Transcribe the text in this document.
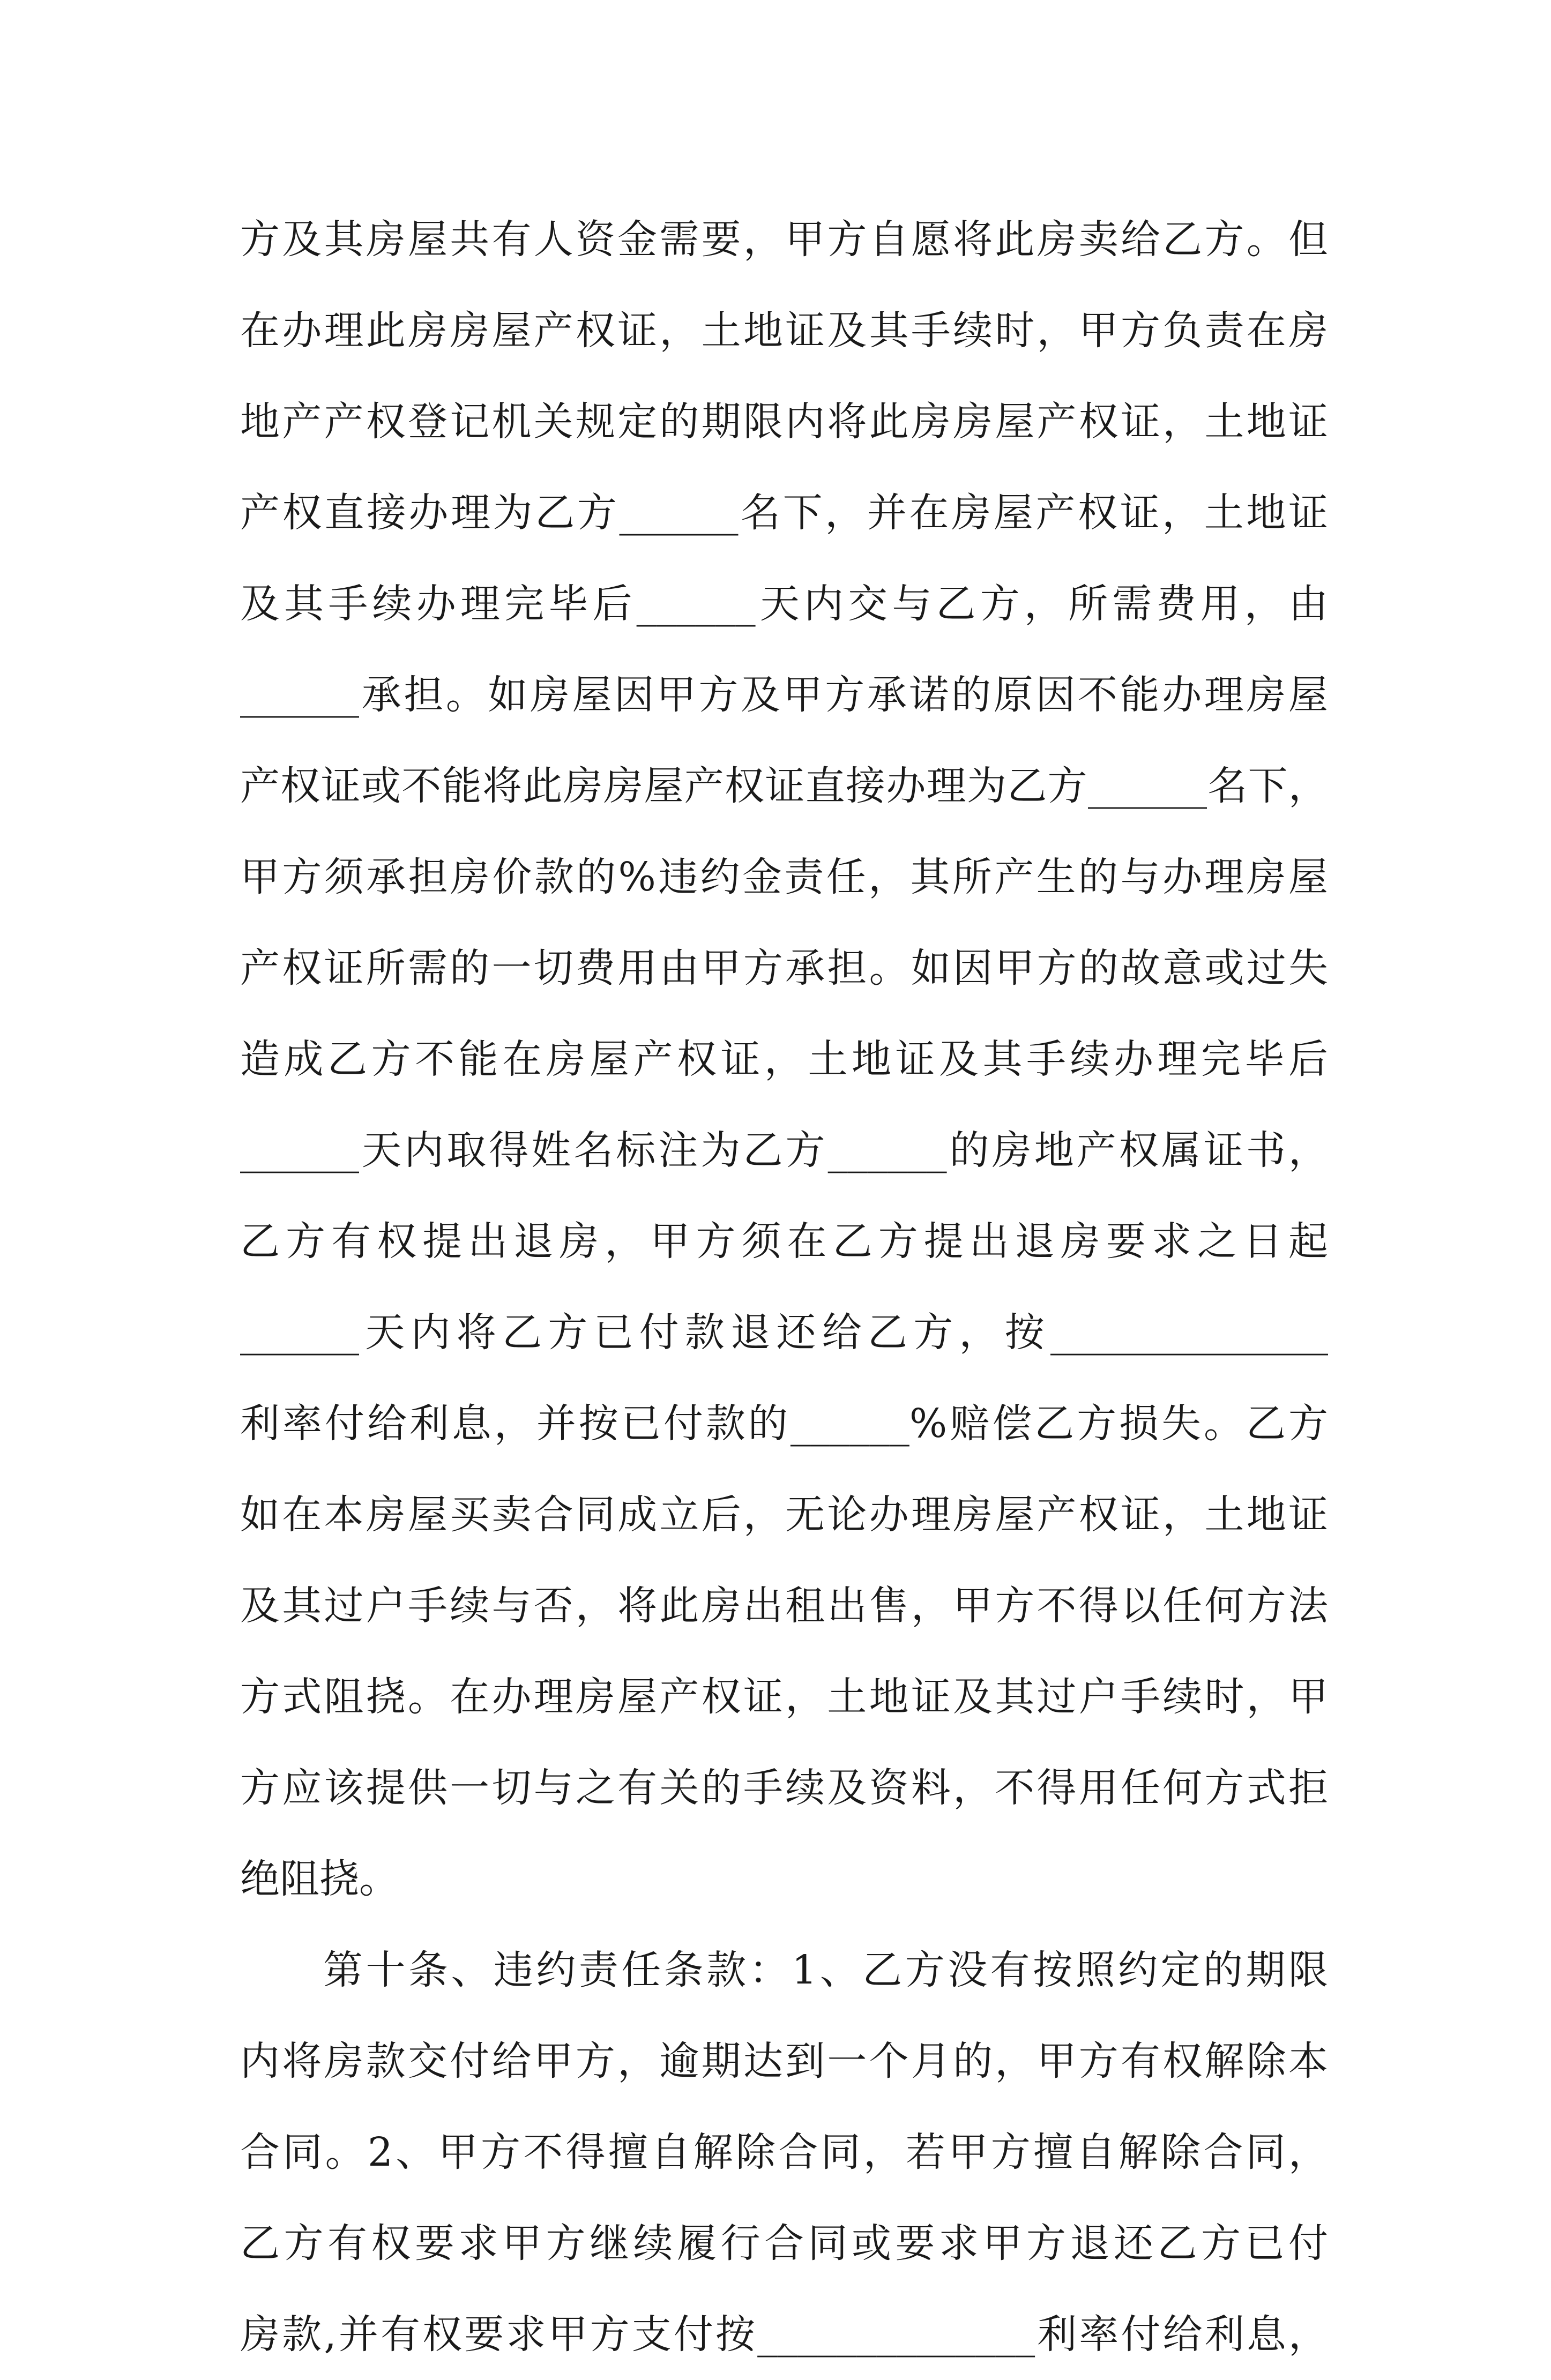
方及其房屋共有人资金需要，甲方自愿将此房卖给乙方。但
在办理此房房屋产权证，土地证及其手续时，甲方负责在房
地产产权登记机关规定的期限内将此房房屋产权证，土地证
产权直接办理为乙方______名下，并在房屋产权证，土地证
及其手续办理完毕后______天内交与乙方，所需费用，由
______承担。如房屋因甲方及甲方承诺的原因不能办理房屋
产权证或不能将此房房屋产权证直接办理为乙方______名下，
甲方须承担房价款的%违约金责任，其所产生的与办理房屋
产权证所需的一切费用由甲方承担。如因甲方的故意或过失
造成乙方不能在房屋产权证，土地证及其手续办理完毕后
______天内取得姓名标注为乙方______的房地产权属证书，
乙方有权提出退房，甲方须在乙方提出退房要求之日起
______天内将乙方已付款退还给乙方，按______________
利率付给利息，并按已付款的______%赔偿乙方损失。乙方
如在本房屋买卖合同成立后，无论办理房屋产权证，土地证
及其过户手续与否，将此房出租出售，甲方不得以任何方法
方式阻挠。在办理房屋产权证，土地证及其过户手续时，甲
方应该提供一切与之有关的手续及资料，不得用任何方式拒
绝阻挠。
第十条、违约责任条款：1、乙方没有按照约定的期限
内将房款交付给甲方，逾期达到一个月的，甲方有权解除本
合同。2、甲方不得擅自解除合同，若甲方擅自解除合同，
乙方有权要求甲方继续履行合同或要求甲方退还乙方已付
房款,并有权要求甲方支付按______________利率付给利息，
